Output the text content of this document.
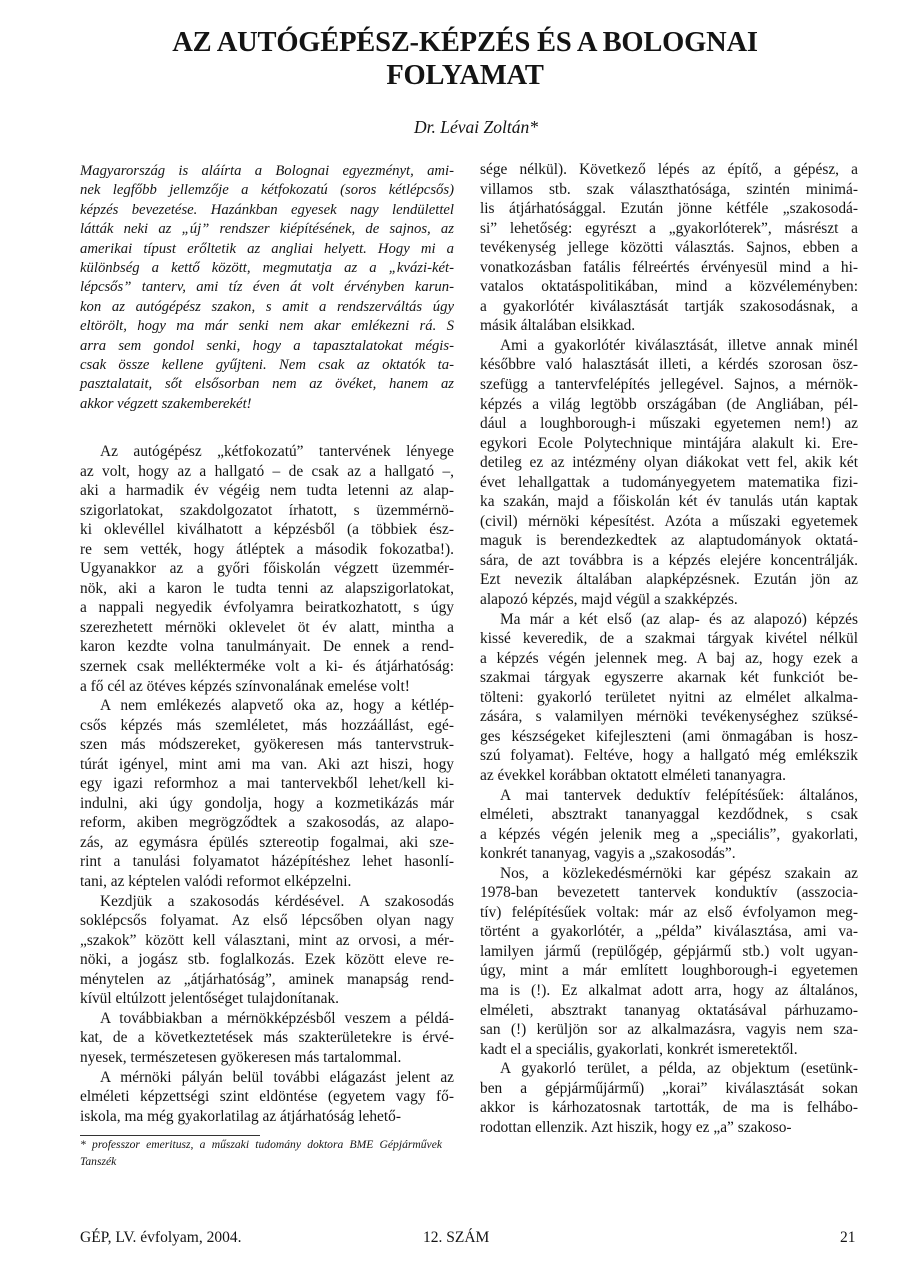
AZ AUTÓGÉPÉSZ-KÉPZÉS ÉS A BOLOGNAI
FOLYAMAT
Dr. Lévai Zoltán*
Magyarország is aláírta a Bolognai egyezményt, ami-
nek legfőbb jellemzője a kétfokozatú (soros kétlépcsős)
képzés bevezetése. Hazánkban egyesek nagy lendülettel
látták neki az „új” rendszer kiépítésének, de sajnos, az
amerikai típust erőltetik az angliai helyett. Hogy mi a
különbség a kettő között, megmutatja az a „kvázi-két-
lépcsős” tanterv, ami tíz éven át volt érvényben karun-
kon az autógépész szakon, s amit a rendszerváltás úgy
eltörölt, hogy ma már senki nem akar emlékezni rá. S
arra sem gondol senki, hogy a tapasztalatokat mégis-
csak össze kellene gyűjteni. Nem csak az oktatók ta-
pasztalatait, sőt elsősorban nem az övéket, hanem az
akkor végzett szakemberekét!
Az autógépész „kétfokozatú” tantervének lényege
az volt, hogy az a hallgató – de csak az a hallgató –,
aki a harmadik év végéig nem tudta letenni az alap-
szigorlatokat, szakdolgozatot írhatott, s üzemmérnö-
ki oklevéllel kiválhatott a képzésből (a többiek ész-
re sem vették, hogy átléptek a második fokozatba!).
Ugyanakkor az a győri főiskolán végzett üzemmér-
nök, aki a karon le tudta tenni az alapszigorlatokat,
a nappali negyedik évfolyamra beiratkozhatott, s úgy
szerezhetett mérnöki oklevelet öt év alatt, mintha a
karon kezdte volna tanulmányait. De ennek a rend-
szernek csak mellékterméke volt a ki- és átjárhatóság:
a fő cél az ötéves képzés színvonalának emelése volt!
A nem emlékezés alapvető oka az, hogy a kétlép-
csős képzés más szemléletet, más hozzáállást, egé-
szen más módszereket, gyökeresen más tantervstruk-
túrát igényel, mint ami ma van. Aki azt hiszi, hogy
egy igazi reformhoz a mai tantervekből lehet/kell ki-
indulni, aki úgy gondolja, hogy a kozmetikázás már
reform, akiben megrögződtek a szakosodás, az alapo-
zás, az egymásra épülés sztereotip fogalmai, aki sze-
rint a tanulási folyamatot házépítéshez lehet hasonlí-
tani, az képtelen valódi reformot elképzelni.
Kezdjük a szakosodás kérdésével. A szakosodás
soklépcsős folyamat. Az első lépcsőben olyan nagy
„szakok” között kell választani, mint az orvosi, a mér-
nöki, a jogász stb. foglalkozás. Ezek között eleve re-
ménytelen az „átjárhatóság”, aminek manapság rend-
kívül eltúlzott jelentőséget tulajdonítanak.
A továbbiakban a mérnökképzésből veszem a példá-
kat, de a következtetések más szakterületekre is érvé-
nyesek, természetesen gyökeresen más tartalommal.
A mérnöki pályán belül további elágazást jelent az
elméleti képzettségi szint eldöntése (egyetem vagy fő-
iskola, ma még gyakorlatilag az átjárhatóság lehető-
sége nélkül). Következő lépés az építő, a gépész, a
villamos stb. szak választhatósága, szintén minimá-
lis átjárhatósággal. Ezután jönne kétféle „szakosodá-
si” lehetőség: egyrészt a „gyakorlóterek”, másrészt a
tevékenység jellege közötti választás. Sajnos, ebben a
vonatkozásban fatális félreértés érvényesül mind a hi-
vatalos oktatáspolitikában, mind a közvéleményben:
a gyakorlótér kiválasztását tartják szakosodásnak, a
másik általában elsikkad.
Ami a gyakorlótér kiválasztását, illetve annak minél
későbbre való halasztását illeti, a kérdés szorosan ösz-
szefügg a tantervfelépítés jellegével. Sajnos, a mérnök-
képzés a világ legtöbb országában (de Angliában, pél-
dául a loughborough-i műszaki egyetemen nem!) az
egykori Ecole Polytechnique mintájára alakult ki. Ere-
detileg ez az intézmény olyan diákokat vett fel, akik két
évet lehallgattak a tudományegyetem matematika fizi-
ka szakán, majd a főiskolán két év tanulás után kaptak
(civil) mérnöki képesítést. Azóta a műszaki egyetemek
maguk is berendezkedtek az alaptudományok oktatá-
sára, de azt továbbra is a képzés elejére koncentrálják.
Ezt nevezik általában alapképzésnek. Ezután jön az
alapozó képzés, majd végül a szakképzés.
Ma már a két első (az alap- és az alapozó) képzés
kissé keveredik, de a szakmai tárgyak kivétel nélkül
a képzés végén jelennek meg. A baj az, hogy ezek a
szakmai tárgyak egyszerre akarnak két funkciót be-
tölteni: gyakorló területet nyitni az elmélet alkalma-
zására, s valamilyen mérnöki tevékenységhez szüksé-
ges készségeket kifejleszteni (ami önmagában is hosz-
szú folyamat). Feltéve, hogy a hallgató még emlékszik
az évekkel korábban oktatott elméleti tananyagra.
A mai tantervek deduktív felépítésűek: általános,
elméleti, absztrakt tananyaggal kezdődnek, s csak
a képzés végén jelenik meg a „speciális”, gyakorlati,
konkrét tananyag, vagyis a „szakosodás”.
Nos, a közlekedésmérnöki kar gépész szakain az
1978-ban bevezetett tantervek konduktív (asszocia-
tív) felépítésűek voltak: már az első évfolyamon meg-
történt a gyakorlótér, a „példa” kiválasztása, ami va-
lamilyen jármű (repülőgép, gépjármű stb.) volt ugyan-
úgy, mint a már említett loughborough-i egyetemen
ma is (!). Ez alkalmat adott arra, hogy az általános,
elméleti, absztrakt tananyag oktatásával párhuzamo-
san (!) kerüljön sor az alkalmazásra, vagyis nem sza-
kadt el a speciális, gyakorlati, konkrét ismeretektől.
A gyakorló terület, a példa, az objektum (esetünk-
ben a gépjárműjármű) „korai” kiválasztását sokan
akkor is kárhozatosnak tartották, de ma is felhábo-
rodottan ellenzik. Azt hiszik, hogy ez „a” szakoso-
* professzor emeritusz, a műszaki tudomány doktora BME Gépjárművek Tanszék
GÉP, LV. évfolyam, 2004.	12. SZÁM	21
